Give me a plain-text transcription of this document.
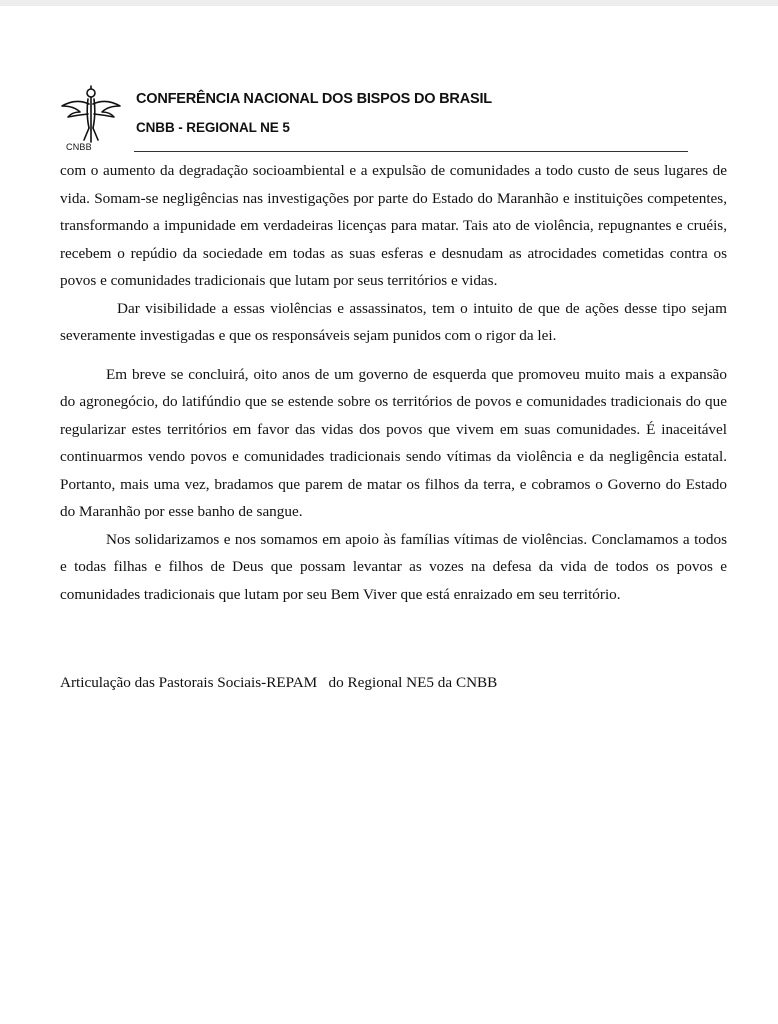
CNBB
CONFERÊNCIA NACIONAL DOS BISPOS DO BRASIL
CNBB - REGIONAL NE 5

com o aumento da degradação socioambiental e a expulsão de comunidades a todo custo de seus lugares de vida. Somam-se negligências nas investigações por parte do Estado do Maranhão e instituições competentes, transformando a impunidade em verdadeiras licenças para matar. Tais ato de violência, repugnantes e cruéis, recebem o repúdio da sociedade em todas as suas esferas e desnudam as atrocidades cometidas contra os povos e comunidades tradicionais que lutam por seus territórios e vidas.

Dar visibilidade a essas violências e assassinatos, tem o intuito de que de ações desse tipo sejam severamente investigadas e que os responsáveis sejam punidos com o rigor da lei.

Em breve se concluirá, oito anos de um governo de esquerda que promoveu muito mais a expansão do agronegócio, do latifúndio que se estende sobre os territórios de povos e comunidades tradicionais do que regularizar estes territórios em favor das vidas dos povos que vivem em suas comunidades. É inaceitável continuarmos vendo povos e comunidades tradicionais sendo vítimas da violência e da negligência estatal. Portanto, mais uma vez, bradamos que parem de matar os filhos da terra, e cobramos o Governo do Estado do Maranhão por esse banho de sangue.

Nos solidarizamos e nos somamos em apoio às famílias vítimas de violências. Conclamamos a todos e todas filhas e filhos de Deus que possam levantar as vozes na defesa da vida de todos os povos e comunidades tradicionais que lutam por seu Bem Viver que está enraizado em seu território.

Articulação das Pastorais Sociais-REPAM   do Regional NE5 da CNBB
